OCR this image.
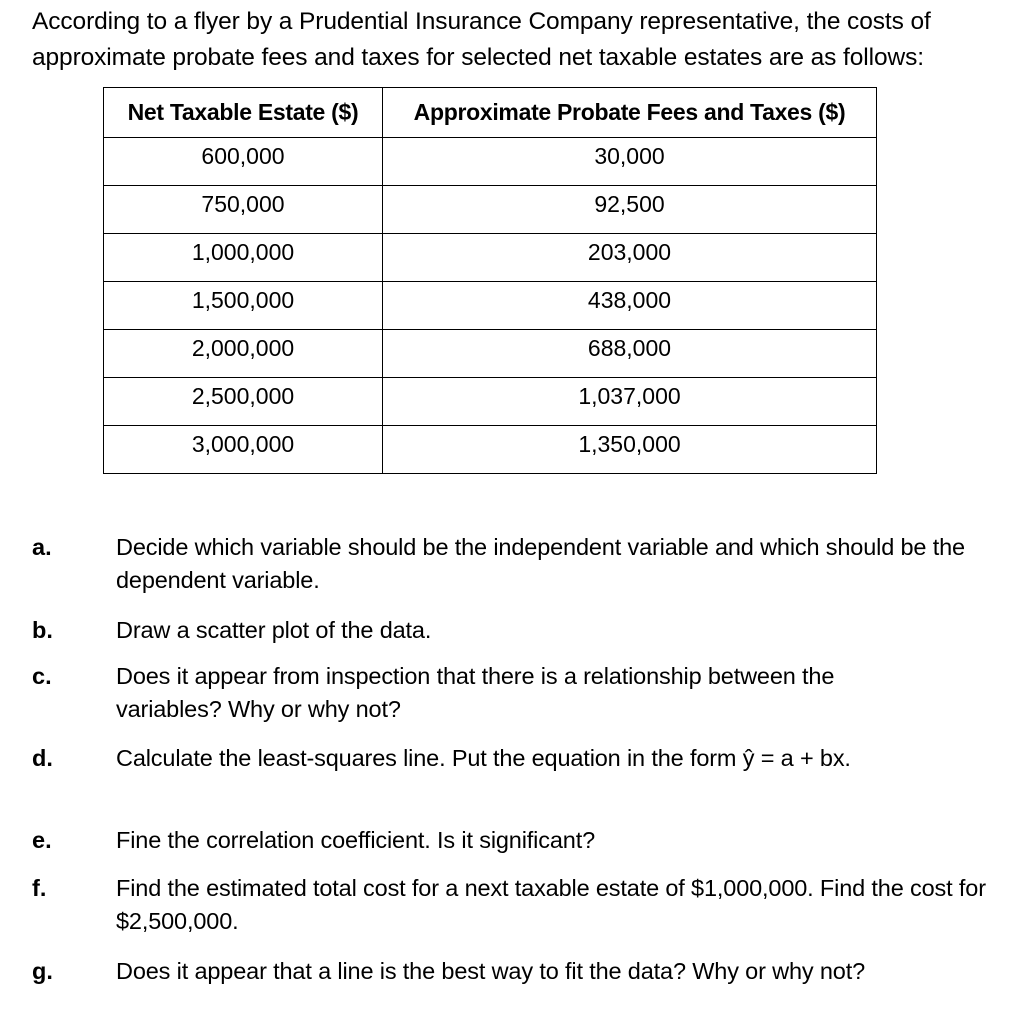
According to a flyer by a Prudential Insurance Company representative, the costs of approximate probate fees and taxes for selected net taxable estates are as follows:

Net Taxable Estate ($)	Approximate Probate Fees and Taxes ($)
600,000	30,000
750,000	92,500
1,000,000	203,000
1,500,000	438,000
2,000,000	688,000
2,500,000	1,037,000
3,000,000	1,350,000
a.	Decide which variable should be the independent variable and which should be the dependent variable.
b.	Draw a scatter plot of the data.
c.	Does it appear from inspection that there is a relationship between the variables? Why or why not?
d.	Calculate the least-squares line. Put the equation in the form ŷ = a + bx.
e.	Fine the correlation coefficient. Is it significant?
f.	Find the estimated total cost for a next taxable estate of $1,000,000. Find the cost for $2,500,000.
g.	Does it appear that a line is the best way to fit the data? Why or why not?
